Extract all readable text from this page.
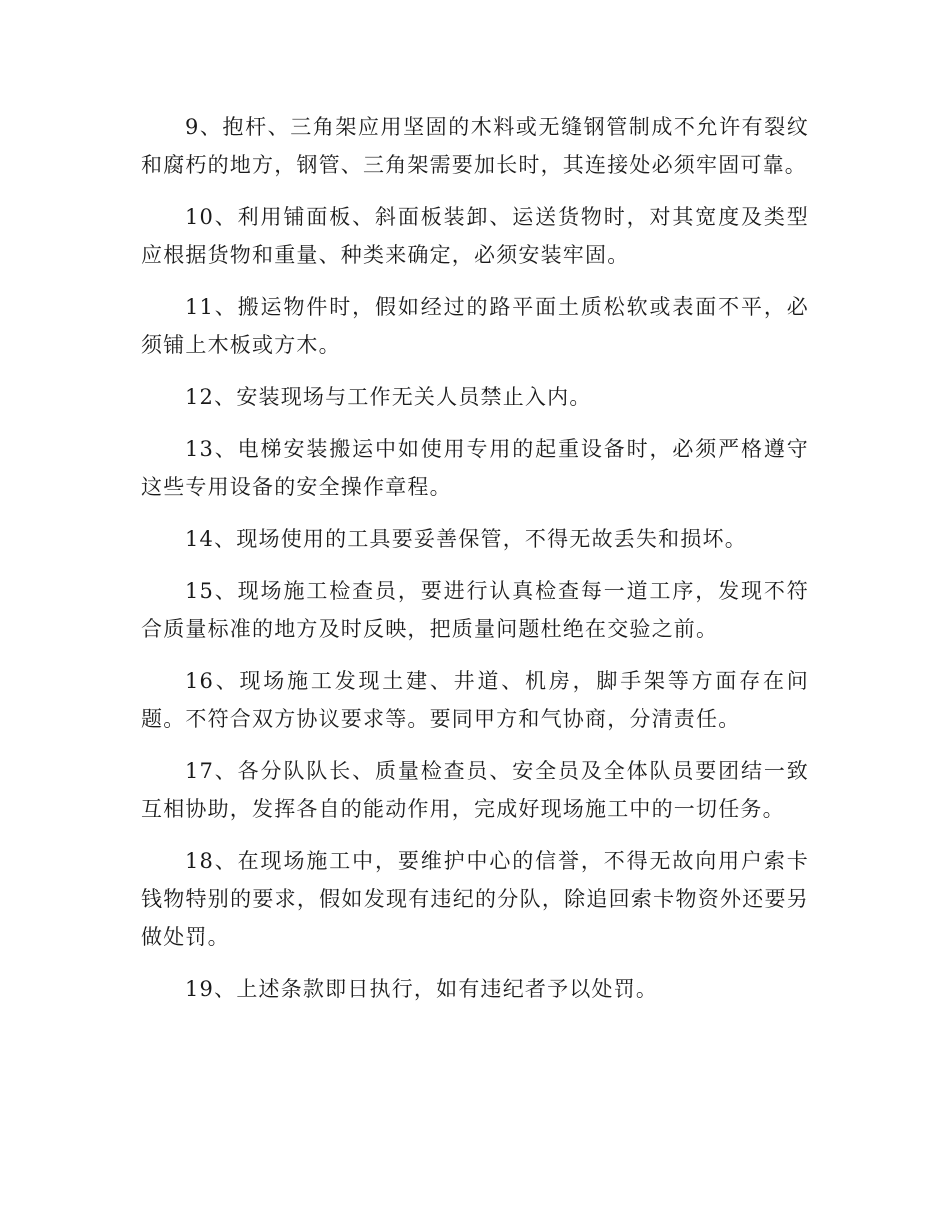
9、抱杆、三角架应用坚固的木料或无缝钢管制成不允许有裂纹和腐朽的地方，钢管、三角架需要加长时，其连接处必须牢固可靠。

10、利用铺面板、斜面板装卸、运送货物时，对其宽度及类型应根据货物和重量、种类来确定，必须安装牢固。

11、搬运物件时，假如经过的路平面土质松软或表面不平，必须铺上木板或方木。

12、安装现场与工作无关人员禁止入内。

13、电梯安装搬运中如使用专用的起重设备时，必须严格遵守这些专用设备的安全操作章程。

14、现场使用的工具要妥善保管，不得无故丢失和损坏。

15、现场施工检查员，要进行认真检查每一道工序，发现不符合质量标准的地方及时反映，把质量问题杜绝在交验之前。

16、现场施工发现土建、井道、机房，脚手架等方面存在问题。不符合双方协议要求等。要同甲方和气协商，分清责任。

17、各分队队长、质量检查员、安全员及全体队员要团结一致互相协助，发挥各自的能动作用，完成好现场施工中的一切任务。

18、在现场施工中，要维护中心的信誉，不得无故向用户索卡钱物特别的要求，假如发现有违纪的分队，除追回索卡物资外还要另做处罚。

19、上述条款即日执行，如有违纪者予以处罚。
